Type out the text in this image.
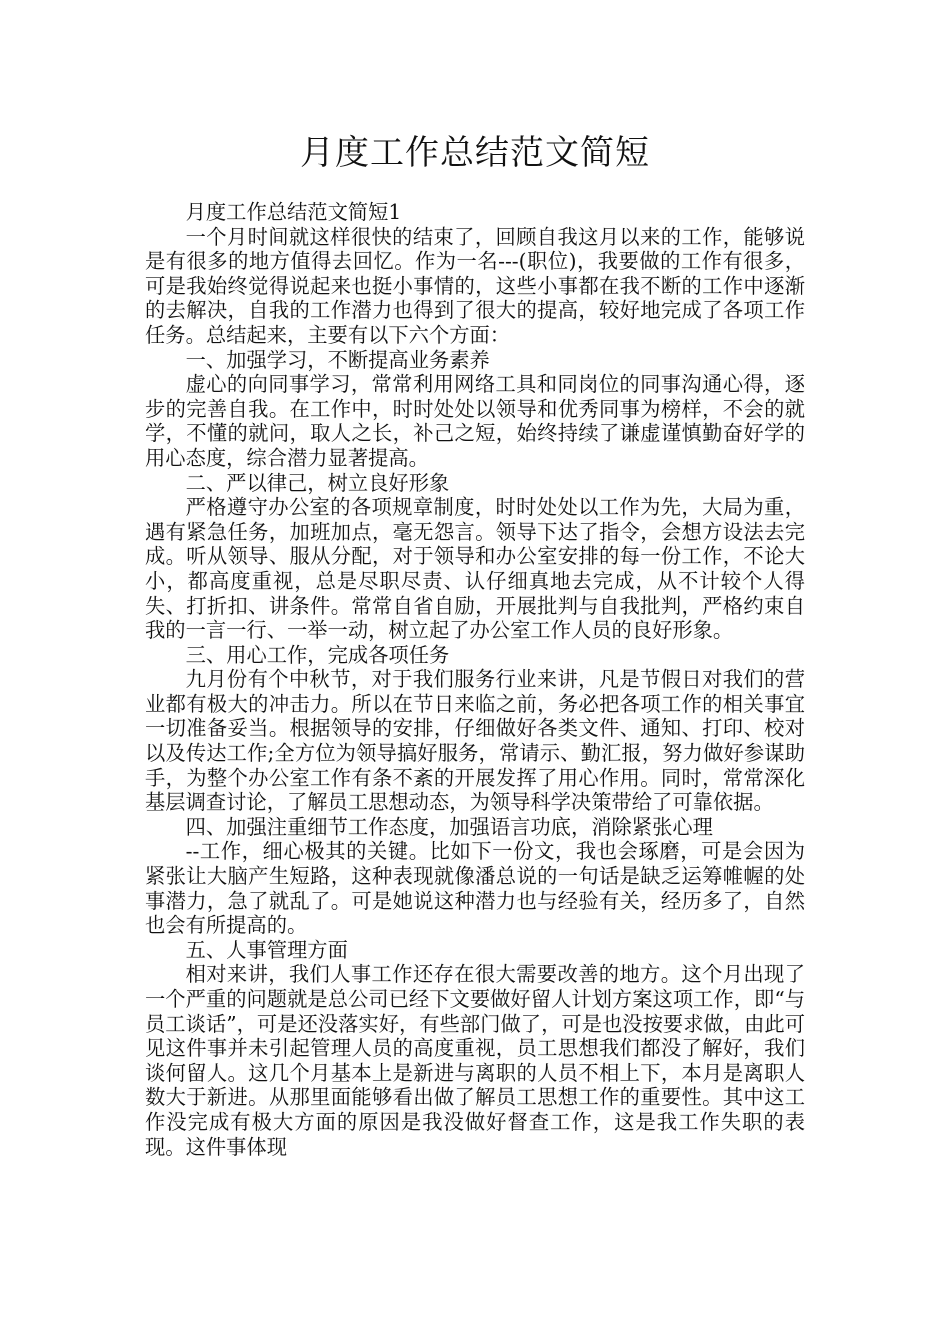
月度工作总结范文简短

月度工作总结范文简短1

一个月时间就这样很快的结束了，回顾自我这月以来的工作，能够说是有很多的地方值得去回忆。作为一名---(职位)，我要做的工作有很多，可是我始终觉得说起来也挺小事情的，这些小事都在我不断的工作中逐渐的去解决，自我的工作潜力也得到了很大的提高，较好地完成了各项工作任务。总结起来，主要有以下六个方面：

一、加强学习，不断提高业务素养

虚心的向同事学习，常常利用网络工具和同岗位的同事沟通心得，逐步的完善自我。在工作中，时时处处以领导和优秀同事为榜样，不会的就学，不懂的就问，取人之长，补己之短，始终持续了谦虚谨慎勤奋好学的用心态度，综合潜力显著提高。

二、严以律己，树立良好形象

严格遵守办公室的各项规章制度，时时处处以工作为先，大局为重，遇有紧急任务，加班加点，毫无怨言。领导下达了指令，会想方设法去完成。听从领导、服从分配，对于领导和办公室安排的每一份工作，不论大小，都高度重视，总是尽职尽责、认仔细真地去完成，从不计较个人得失、打折扣、讲条件。常常自省自励，开展批判与自我批判，严格约束自我的一言一行、一举一动，树立起了办公室工作人员的良好形象。

三、用心工作，完成各项任务

九月份有个中秋节，对于我们服务行业来讲，凡是节假日对我们的营业都有极大的冲击力。所以在节日来临之前，务必把各项工作的相关事宜一切准备妥当。根据领导的安排，仔细做好各类文件、通知、打印、校对以及传达工作;全方位为领导搞好服务，常请示、勤汇报，努力做好参谋助手，为整个办公室工作有条不紊的开展发挥了用心作用。同时，常常深化基层调查讨论，了解员工思想动态，为领导科学决策带给了可靠依据。

四、加强注重细节工作态度，加强语言功底，消除紧张心理

--工作，细心极其的关键。比如下一份文，我也会琢磨，可是会因为紧张让大脑产生短路，这种表现就像潘总说的一句话是缺乏运筹帷幄的处事潜力，急了就乱了。可是她说这种潜力也与经验有关，经历多了，自然也会有所提高的。

五、人事管理方面

相对来讲，我们人事工作还存在很大需要改善的地方。这个月出现了一个严重的问题就是总公司已经下文要做好留人计划方案这项工作，即“与员工谈话”，可是还没落实好，有些部门做了，可是也没按要求做，由此可见这件事并未引起管理人员的高度重视，员工思想我们都没了解好，我们谈何留人。这几个月基本上是新进与离职的人员不相上下，本月是离职人数大于新进。从那里面能够看出做了解员工思想工作的重要性。其中这工作没完成有极大方面的原因是我没做好督查工作，这是我工作失职的表现。这件事体现
